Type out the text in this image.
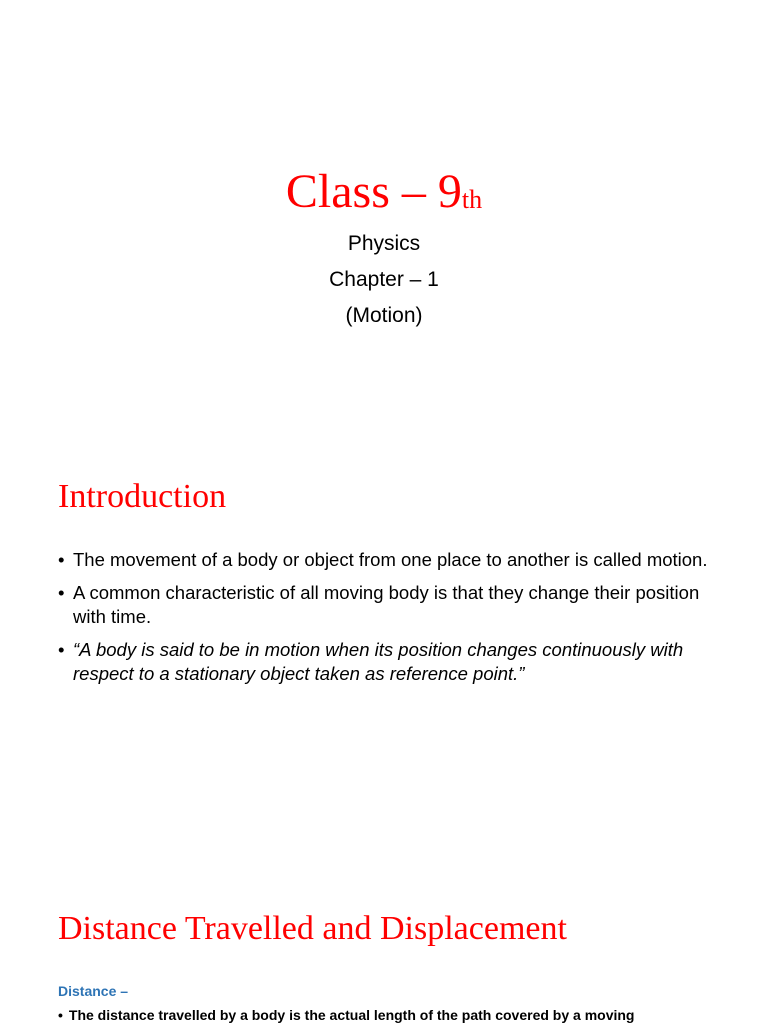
Class – 9th
Physics
Chapter – 1
(Motion)
Introduction
• The movement of a body or object from one place to another is called motion.
• A common characteristic of all moving body is that they change their position with time.
• “A body is said to be in motion when its position changes continuously with respect to a stationary object taken as reference point.”
Distance Travelled and Displacement
Distance –
• The distance travelled by a body is the actual length of the path covered by a moving
